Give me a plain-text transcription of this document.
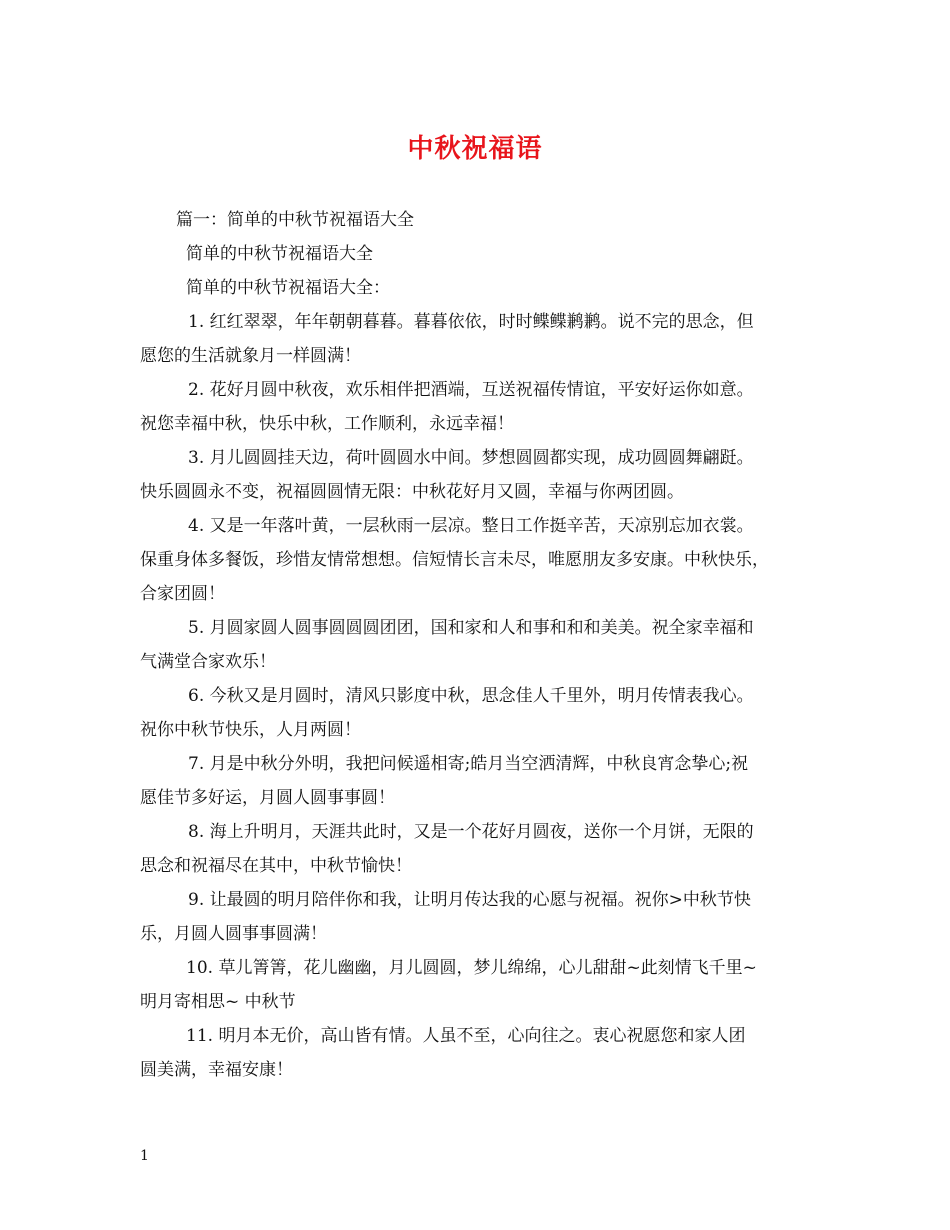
中秋祝福语

篇一：简单的中秋节祝福语大全

简单的中秋节祝福语大全

简单的中秋节祝福语大全：

1. 红红翠翠，年年朝朝暮暮。暮暮依依，时时鲽鲽鹣鹣。说不完的思念，但

愿您的生活就象月一样圆满！

2. 花好月圆中秋夜，欢乐相伴把酒端，互送祝福传情谊，平安好运你如意。

祝您幸福中秋，快乐中秋，工作顺利，永远幸福！

3. 月儿圆圆挂天边，荷叶圆圆水中间。梦想圆圆都实现，成功圆圆舞翩跹。

快乐圆圆永不变，祝福圆圆情无限：中秋花好月又圆，幸福与你两团圆。

4. 又是一年落叶黄，一层秋雨一层凉。整日工作挺辛苦，天凉别忘加衣裳。

保重身体多餐饭，珍惜友情常想想。信短情长言未尽，唯愿朋友多安康。中秋快乐，

合家团圆！

5. 月圆家圆人圆事圆圆圆团团，国和家和人和事和和和美美。祝全家幸福和

气满堂合家欢乐！

6. 今秋又是月圆时，清风只影度中秋，思念佳人千里外，明月传情表我心。

祝你中秋节快乐，人月两圆！

7. 月是中秋分外明，我把问候遥相寄;皓月当空洒清辉，中秋良宵念挚心;祝

愿佳节多好运，月圆人圆事事圆！

8. 海上升明月，天涯共此时，又是一个花好月圆夜，送你一个月饼，无限的

思念和祝福尽在其中，中秋节愉快！

9. 让最圆的明月陪伴你和我，让明月传达我的心愿与祝福。祝你>中秋节快

乐，月圆人圆事事圆满！

10. 草儿箐箐，花儿幽幽，月儿圆圆，梦儿绵绵，心儿甜甜~此刻情飞千里~

明月寄相思~ 中秋节

11. 明月本无价，高山皆有情。人虽不至，心向往之。衷心祝愿您和家人团

圆美满，幸福安康！

1
